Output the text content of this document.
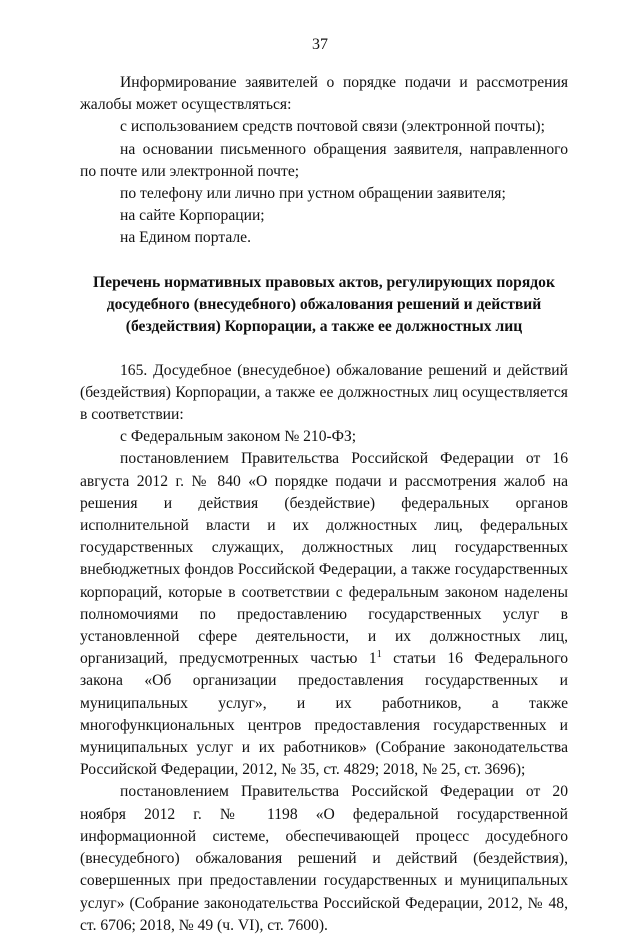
37

Информирование заявителей о порядке подачи и рассмотрения жалобы может осуществляться:

с использованием средств почтовой связи (электронной почты);

на основании письменного обращения заявителя, направленного по почте или электронной почте;

по телефону или лично при устном обращении заявителя;

на сайте Корпорации;

на Едином портале.

Перечень нормативных правовых актов, регулирующих порядок
досудебного (внесудебного) обжалования решений и действий
(бездействия) Корпорации, а также ее должностных лиц

165. Досудебное (внесудебное) обжалование решений и действий (бездействия) Корпорации, а также ее должностных лиц осуществляется в соответствии:

с Федеральным законом № 210-ФЗ;

постановлением Правительства Российской Федерации от 16 августа 2012 г. № 840 «О порядке подачи и рассмотрения жалоб на решения и действия (бездействие) федеральных органов исполнительной власти и их должностных лиц, федеральных государственных служащих, должностных лиц государственных внебюджетных фондов Российской Федерации, а также государственных корпораций, которые в соответствии с федеральным законом наделены полномочиями по предоставлению государственных услуг в установленной сфере деятельности, и их должностных лиц, организаций, предусмотренных частью $1^1$ статьи 16 Федерального закона «Об организации предоставления государственных и муниципальных услуг», и их работников, а также многофункциональных центров предоставления государственных и муниципальных услуг и их работников» (Собрание законодательства Российской Федерации, 2012, № 35, ст. 4829; 2018, № 25, ст. 3696);

постановлением Правительства Российской Федерации от 20 ноября 2012 г. № 1198 «О федеральной государственной информационной системе, обеспечивающей процесс досудебного (внесудебного) обжалования решений и действий (бездействия), совершенных при предоставлении государственных и муниципальных услуг» (Собрание законодательства Российской Федерации, 2012, № 48, ст. 6706; 2018, № 49 (ч. VI), ст. 7600).
